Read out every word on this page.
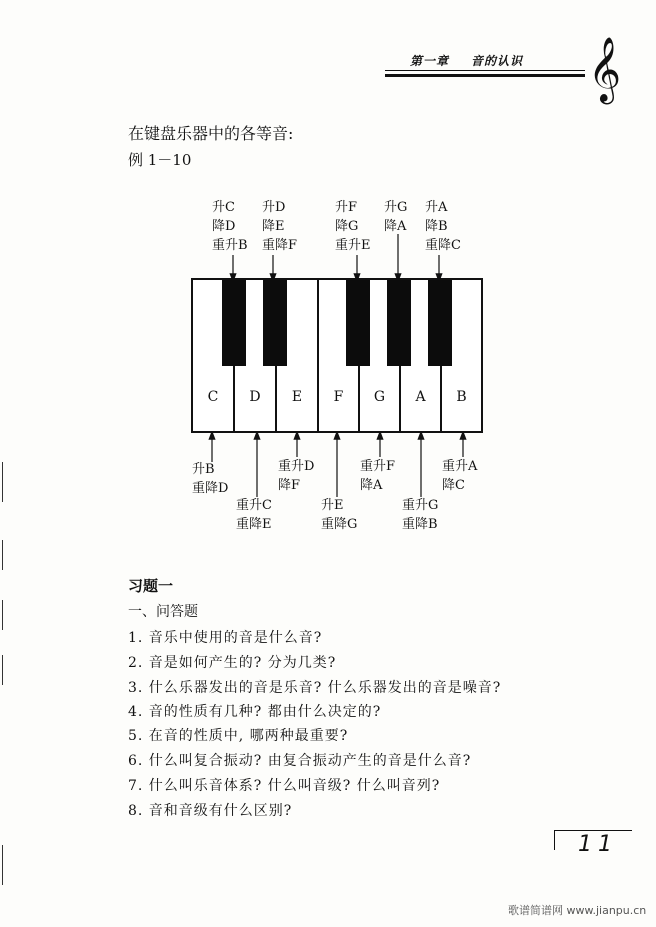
第一章 音的认识 𝄞
在键盘乐器中的各等音:
例 1－10
C	D	E	F	G	A	B
升C
降D
重升B
升D
降E
重降F
升F
降G
重升E
升G
降A
升A
降B
重降C
升B
重降D
重升C
重降E
重升D
降F
升E
重降G
重升F
降A
重升G
重降B
重升A
降C
习题一
一、问答题
1. 音乐中使用的音是什么音?
2. 音是如何产生的? 分为几类?
3. 什么乐器发出的音是乐音? 什么乐器发出的音是噪音?
4. 音的性质有几种? 都由什么决定的?
5. 在音的性质中, 哪两种最重要?
6. 什么叫复合振动? 由复合振动产生的音是什么音?
7. 什么叫乐音体系? 什么叫音级? 什么叫音列?
8. 音和音级有什么区别?
11
歌谱简谱网 www.jianpu.cn
